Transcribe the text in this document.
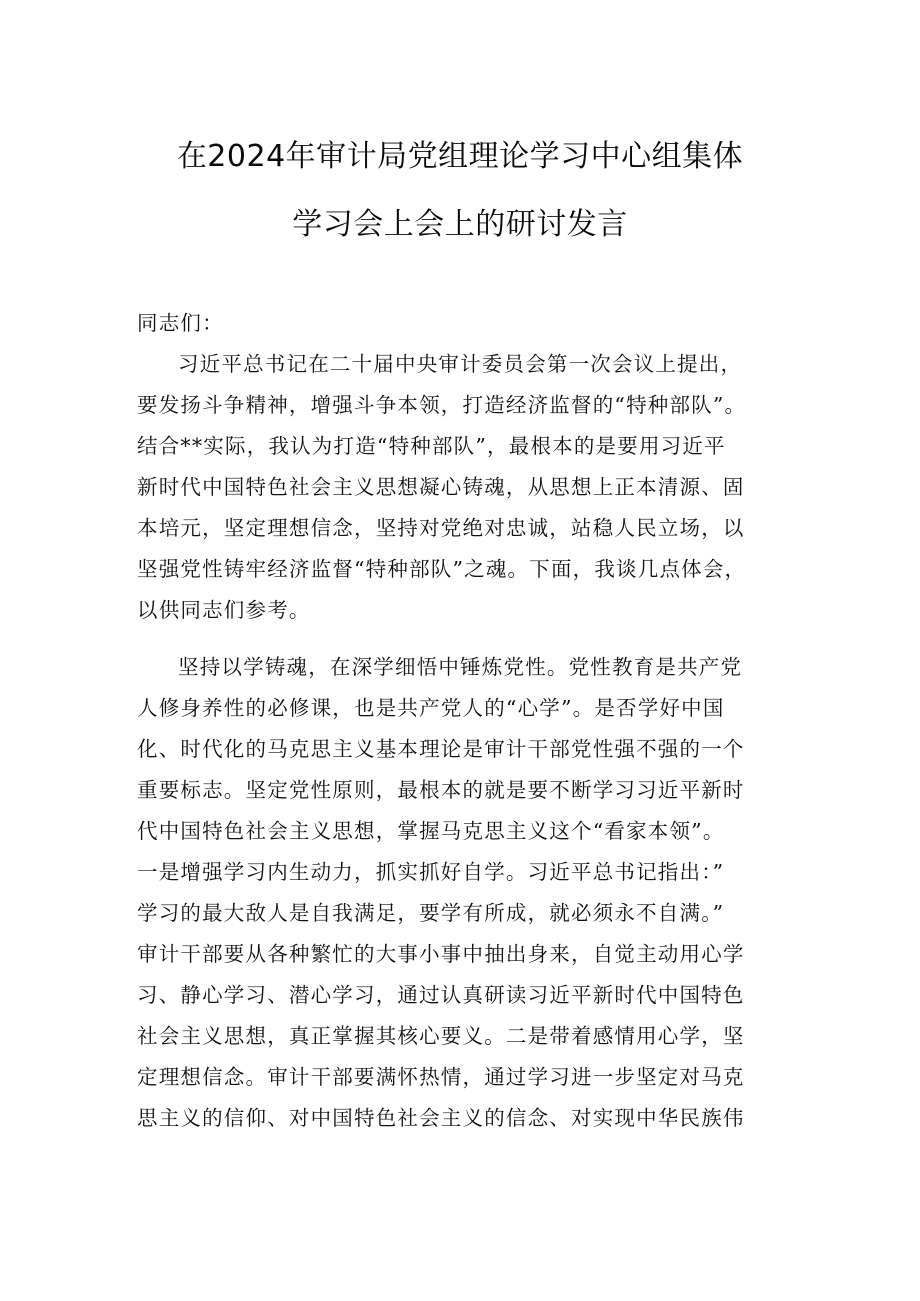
在2024年审计局党组理论学习中心组集体
学习会上会上的研讨发言
同志们：
习近平总书记在二十届中央审计委员会第一次会议上提出，
要发扬斗争精神，增强斗争本领，打造经济监督的“特种部队”。
结合**实际，我认为打造“特种部队”，最根本的是要用习近平
新时代中国特色社会主义思想凝心铸魂，从思想上正本清源、固
本培元，坚定理想信念，坚持对党绝对忠诚，站稳人民立场，以
坚强党性铸牢经济监督“特种部队”之魂。下面，我谈几点体会，
以供同志们参考。
坚持以学铸魂，在深学细悟中锤炼党性。党性教育是共产党
人修身养性的必修课，也是共产党人的“心学”。是否学好中国
化、时代化的马克思主义基本理论是审计干部党性强不强的一个
重要标志。坚定党性原则，最根本的就是要不断学习习近平新时
代中国特色社会主义思想，掌握马克思主义这个“看家本领”。
一是增强学习内生动力，抓实抓好自学。习近平总书记指出：”
学习的最大敌人是自我满足，要学有所成，就必须永不自满。”
审计干部要从各种繁忙的大事小事中抽出身来，自觉主动用心学
习、静心学习、潜心学习，通过认真研读习近平新时代中国特色
社会主义思想，真正掌握其核心要义。二是带着感情用心学，坚
定理想信念。审计干部要满怀热情，通过学习进一步坚定对马克
思主义的信仰、对中国特色社会主义的信念、对实现中华民族伟
